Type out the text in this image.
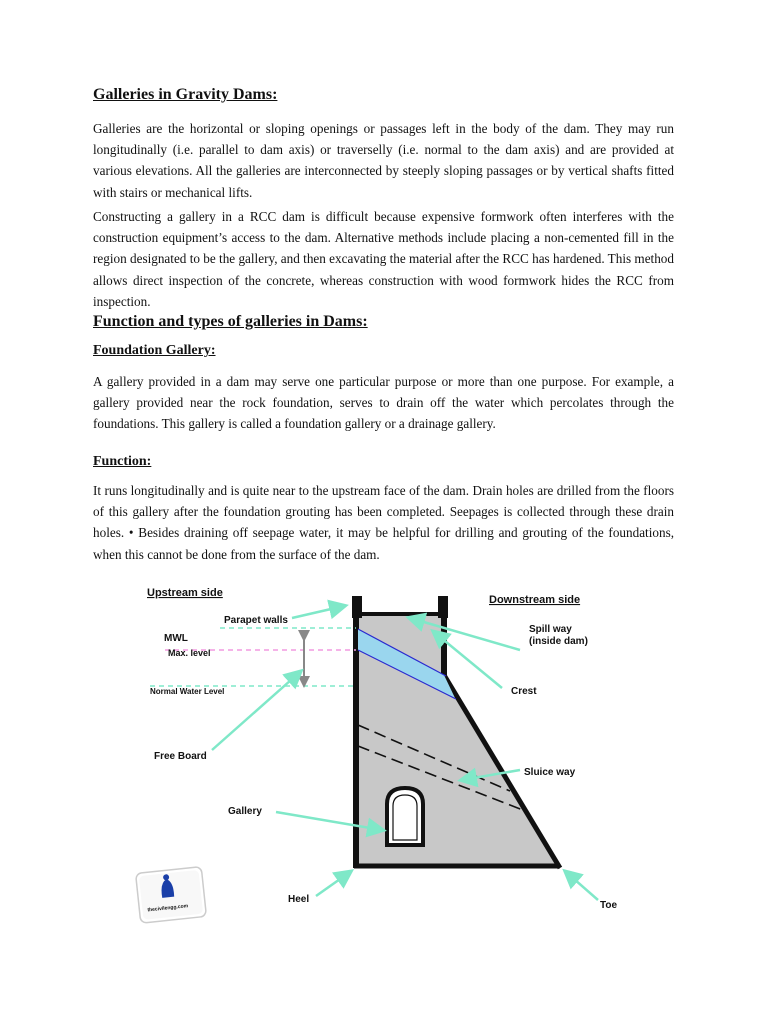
Galleries in Gravity Dams:

Galleries are the horizontal or sloping openings or passages left in the body of the dam. They may run longitudinally (i.e. parallel to dam axis) or traverselly (i.e. normal to the dam axis) and are provided at various elevations. All the galleries are interconnected by steeply sloping passages or by vertical shafts fitted with stairs or mechanical lifts.

Constructing a gallery in a RCC dam is difficult because expensive formwork often interferes with the construction equipment’s access to the dam. Alternative methods include placing a non-cemented fill in the region designated to be the gallery, and then excavating the material after the RCC has hardened. This method allows direct inspection of the concrete, whereas construction with wood formwork hides the RCC from inspection.

Function and types of galleries in Dams:
Foundation Gallery:

A gallery provided in a dam may serve one particular purpose or more than one purpose. For example, a gallery provided near the rock foundation, serves to drain off the water which percolates through the foundations. This gallery is called a foundation gallery or a drainage gallery.

Function:

It runs longitudinally and is quite near to the upstream face of the dam. Drain holes are drilled from the floors of this gallery after the foundation grouting has been completed. Seepages is collected through these drain holes. • Besides draining off seepage water, it may be helpful for drilling and grouting of the foundations, when this cannot be done from the surface of the dam.

Upstream side
Downstream side
Parapet walls
MWL
Max. level
Normal Water Level
Free Board
Spill way
(inside dam)
Crest
Sluice way
Gallery
Heel
Toe
thecivilengg.com
